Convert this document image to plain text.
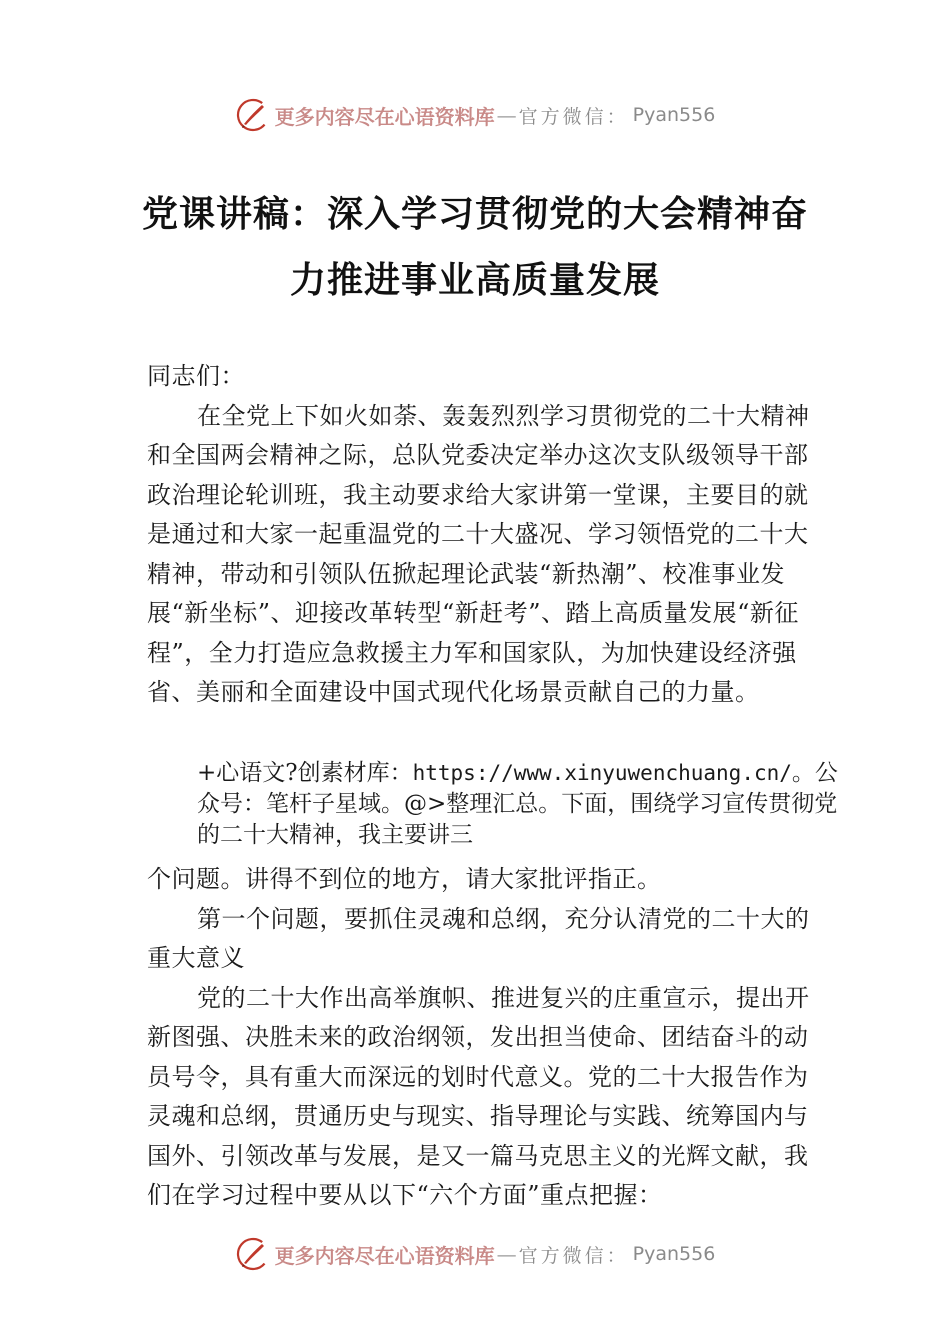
更多内容尽在心语资料库 — 官方微信： Pyan556
党课讲稿：深入学习贯彻党的大会精神奋
力推进事业高质量发展

同志们：

在全党上下如火如荼、轰轰烈烈学习贯彻党的二十大精神和全国两会精神之际，总队党委决定举办这次支队级领导干部政治理论轮训班，我主动要求给大家讲第一堂课，主要目的就是通过和大家一起重温党的二十大盛况、学习领悟党的二十大精神，带动和引领队伍掀起理论武装“新热潮”、校准事业发展“新坐标”、迎接改革转型“新赶考”、踏上高质量发展“新征程”，全力打造应急救援主力军和国家队，为加快建设经济强省、美丽和全面建设中国式现代化场景贡献自己的力量。

+心语文?创素材库：https://www.xinyuwenchuang.cn/。公众号：笔杆子星域。@>整理汇总。下面，围绕学习宣传贯彻党的二十大精神，我主要讲三

个问题。讲得不到位的地方，请大家批评指正。

第一个问题，要抓住灵魂和总纲，充分认清党的二十大的重大意义

党的二十大作出高举旗帜、推进复兴的庄重宣示，提出开新图强、决胜未来的政治纲领，发出担当使命、团结奋斗的动员号令，具有重大而深远的划时代意义。党的二十大报告作为灵魂和总纲，贯通历史与现实、指导理论与实践、统筹国内与国外、引领改革与发展，是又一篇马克思主义的光辉文献，我们在学习过程中要从以下“六个方面”重点把握：

更多内容尽在心语资料库 — 官方微信： Pyan556
